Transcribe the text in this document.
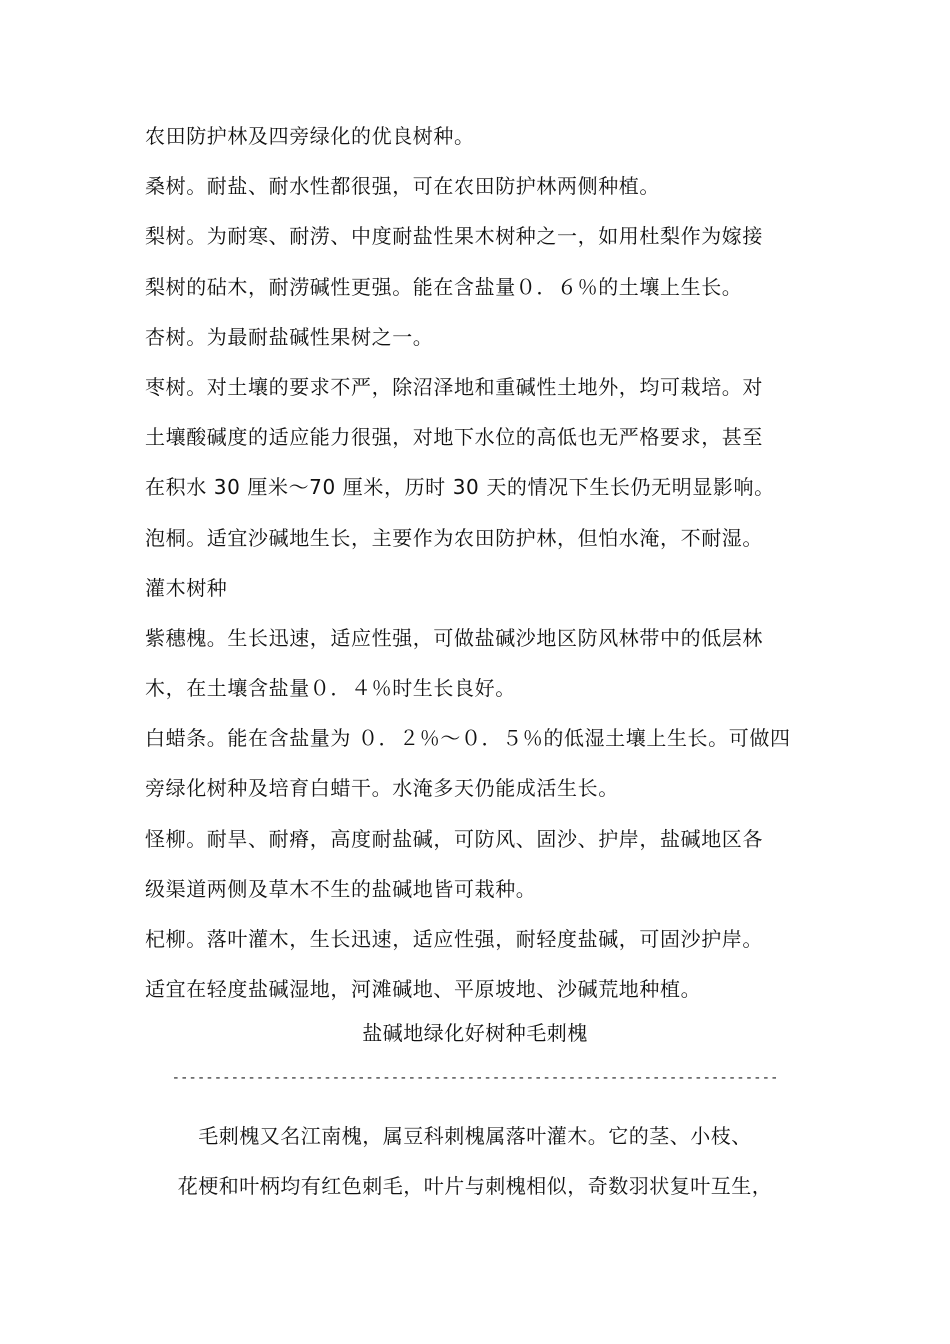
农田防护林及四旁绿化的优良树种。
桑树。耐盐、耐水性都很强，可在农田防护林两侧种植。
梨树。为耐寒、耐涝、中度耐盐性果木树种之一，如用杜梨作为嫁接
梨树的砧木，耐涝碱性更强。能在含盐量０．６％的土壤上生长。
杏树。为最耐盐碱性果树之一。
枣树。对土壤的要求不严，除沼泽地和重碱性土地外，均可栽培。对
土壤酸碱度的适应能力很强，对地下水位的高低也无严格要求，甚至
在积水 30 厘米～70 厘米，历时 30 天的情况下生长仍无明显影响。
泡桐。适宜沙碱地生长，主要作为农田防护林，但怕水淹，不耐湿。
灌木树种
紫穗槐。生长迅速，适应性强，可做盐碱沙地区防风林带中的低层林
木，在土壤含盐量０．４％时生长良好。
白蜡条。能在含盐量为 ０．２％～０．５％的低湿土壤上生长。可做四
旁绿化树种及培育白蜡干。水淹多天仍能成活生长。
怪柳。耐旱、耐瘠，高度耐盐碱，可防风、固沙、护岸，盐碱地区各
级渠道两侧及草木不生的盐碱地皆可栽种。
杞柳。落叶灌木，生长迅速，适应性强，耐轻度盐碱，可固沙护岸。
适宜在轻度盐碱湿地，河滩碱地、平原坡地、沙碱荒地种植。
盐碱地绿化好树种毛刺槐
------------------------------------------------------------------------
毛刺槐又名江南槐，属豆科刺槐属落叶灌木。它的茎、小枝、
花梗和叶柄均有红色刺毛，叶片与刺槐相似，奇数羽状复叶互生，
